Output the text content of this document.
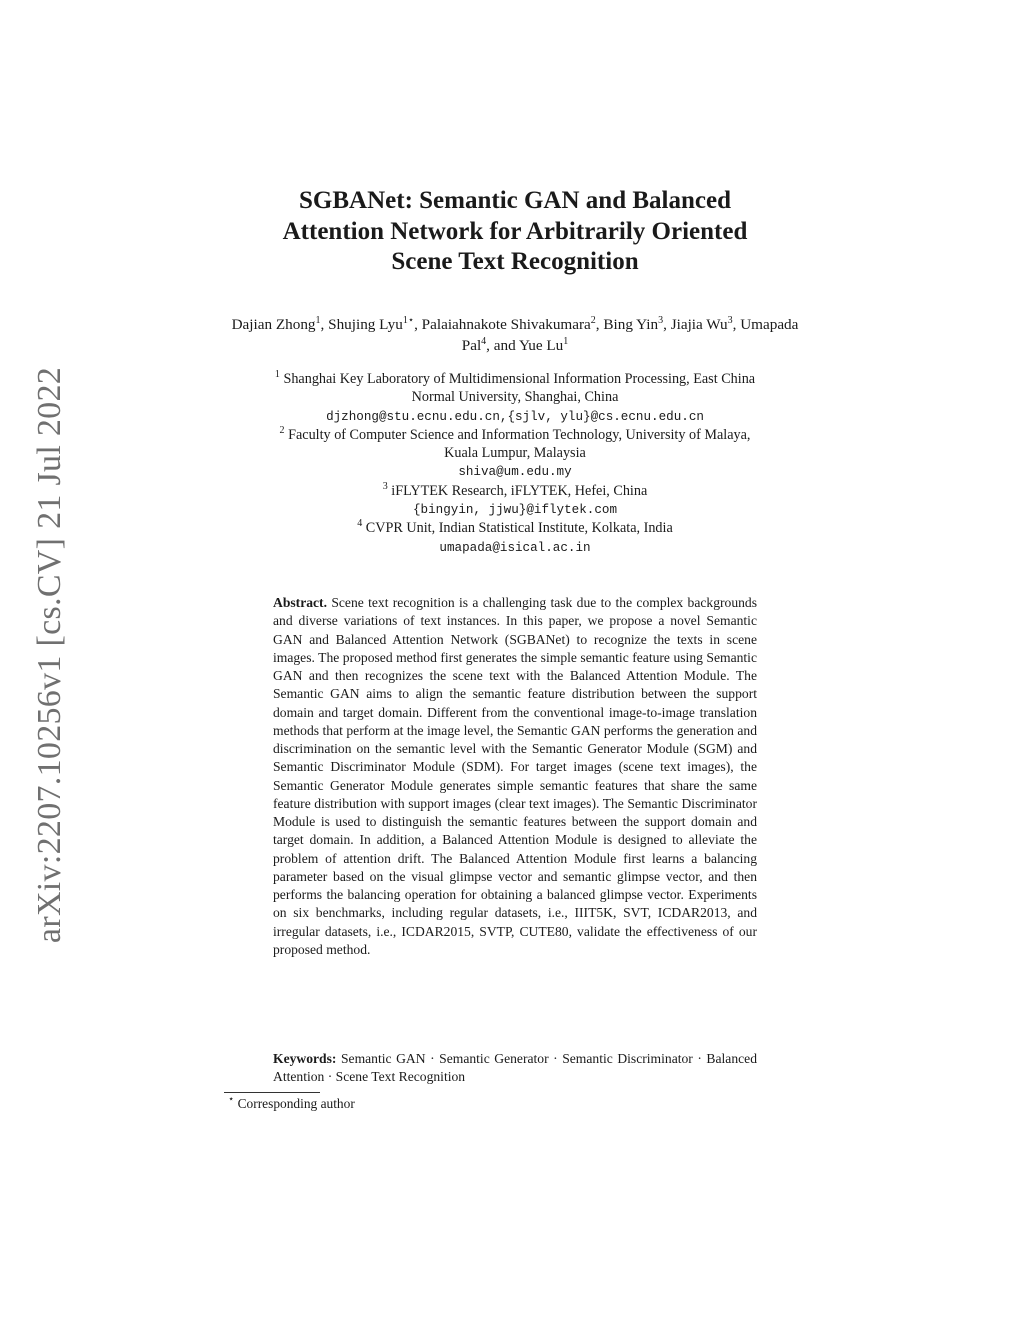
arXiv:2207.10256v1 [cs.CV] 21 Jul 2022
SGBANet: Semantic GAN and Balanced
Attention Network for Arbitrarily Oriented
Scene Text Recognition
Dajian Zhong$^1$, Shujing Lyu$^{1⋆}$, Palaiahnakote Shivakumara$^2$, Bing Yin$^3$, Jiajia Wu$^3$, Umapada Pal$^4$, and Yue Lu$^1$
$^1$ Shanghai Key Laboratory of Multidimensional Information Processing, East China
Normal University, Shanghai, China
djzhong@stu.ecnu.edu.cn,{sjlv, ylu}@cs.ecnu.edu.cn
$^2$ Faculty of Computer Science and Information Technology, University of Malaya,
Kuala Lumpur, Malaysia
shiva@um.edu.my
$^3$ iFLYTEK Research, iFLYTEK, Hefei, China
{bingyin, jjwu}@iflytek.com
$^4$ CVPR Unit, Indian Statistical Institute, Kolkata, India
umapada@isical.ac.in
Abstract. Scene text recognition is a challenging task due to the complex backgrounds and diverse variations of text instances. In this paper, we propose a novel Semantic GAN and Balanced Attention Network (SGBANet) to recognize the texts in scene images. The proposed method first generates the simple semantic feature using Semantic GAN and then recognizes the scene text with the Balanced Attention Module. The Semantic GAN aims to align the semantic feature distribution between the support domain and target domain. Different from the conventional image-to-image translation methods that perform at the image level, the Semantic GAN performs the generation and discrimination on the semantic level with the Semantic Generator Module (SGM) and Semantic Discriminator Module (SDM). For target images (scene text images), the Semantic Generator Module generates simple semantic features that share the same feature distribution with support images (clear text images). The Semantic Discriminator Module is used to distinguish the semantic features between the support domain and target domain. In addition, a Balanced Attention Module is designed to alleviate the problem of attention drift. The Balanced Attention Module first learns a balancing parameter based on the visual glimpse vector and semantic glimpse vector, and then performs the balancing operation for obtaining a balanced glimpse vector. Experiments on six benchmarks, including regular datasets, i.e., IIIT5K, SVT, ICDAR2013, and irregular datasets, i.e., ICDAR2015, SVTP, CUTE80, validate the effectiveness of our proposed method.
Keywords: Semantic GAN · Semantic Generator · Semantic Discriminator · Balanced Attention · Scene Text Recognition
⋆ Corresponding author
